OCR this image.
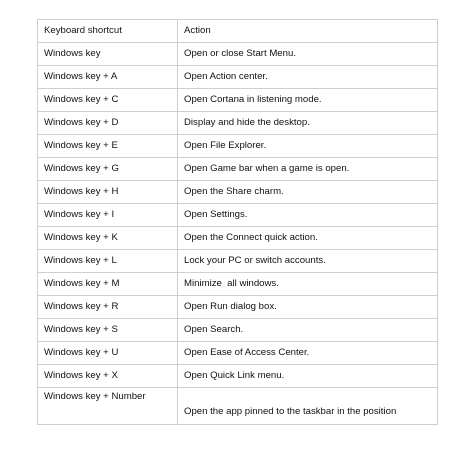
Keyboard shortcut	Action
Windows key	Open or close Start Menu.
Windows key + A	Open Action center.
Windows key + C	Open Cortana in listening mode.
Windows key + D	Display and hide the desktop.
Windows key + E	Open File Explorer.
Windows key + G	Open Game bar when a game is open.
Windows key + H	Open the Share charm.
Windows key + I	Open Settings.
Windows key + K	Open the Connect quick action.
Windows key + L	Lock your PC or switch accounts.
Windows key + M	Minimize  all windows.
Windows key + R	Open Run dialog box.
Windows key + S	Open Search.
Windows key + U	Open Ease of Access Center.
Windows key + X	Open Quick Link menu.
Windows key + Number	Open the app pinned to the taskbar in the position
